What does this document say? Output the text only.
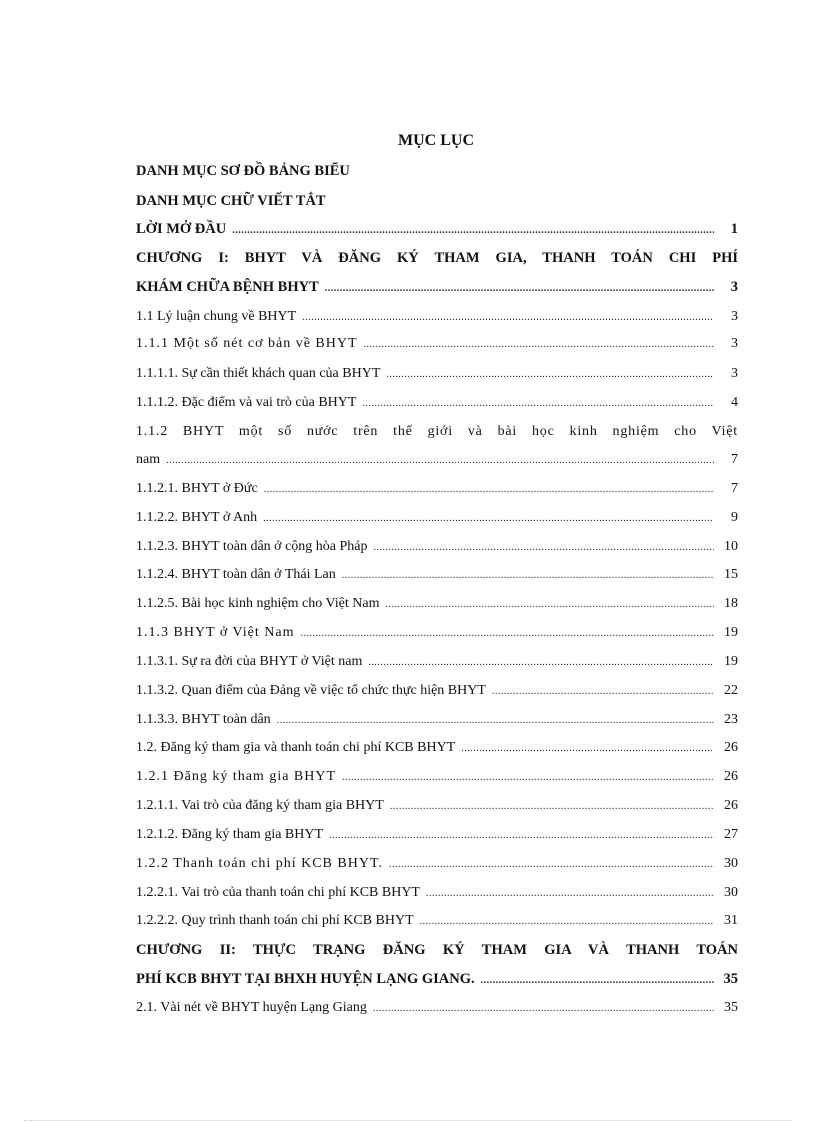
MỤC LỤC
DANH MỤC SƠ ĐỒ BẢNG BIỂU
DANH MỤC CHỮ VIẾT TẮT
LỜI MỞ ĐẦU .....	1
CHƯƠNG I: BHYT VÀ ĐĂNG KÝ THAM GIA, THANH TOÁN CHI PHÍ
KHÁM CHỮA BỆNH BHYT .....	3
1.1 Lý luận chung về BHYT .....	3
1.1.1 Một số nét cơ bản về BHYT .....	3
1.1.1.1. Sự cần thiết khách quan của BHYT .....	3
1.1.1.2. Đặc điểm và vai trò của BHYT .....	4
1.1.2 BHYT một số nước trên thế giới và bài học kinh nghiệm cho Việt
nam .....	7
1.1.2.1. BHYT ở Đức .....	7
1.1.2.2. BHYT ở Anh .....	9
1.1.2.3. BHYT toàn dân ở cộng hòa Pháp .....	10
1.1.2.4. BHYT toàn dân ở Thái Lan .....	15
1.1.2.5. Bài học kinh nghiệm cho Việt Nam .....	18
1.1.3 BHYT ở Việt Nam .....	19
1.1.3.1. Sự ra đời của BHYT ở Việt nam .....	19
1.1.3.2. Quan điểm của Đảng về việc tổ chức thực hiện BHYT .....	22
1.1.3.3. BHYT toàn dân .....	23
1.2. Đăng ký tham gia và thanh toán chi phí KCB BHYT .....	26
1.2.1 Đăng ký tham gia BHYT .....	26
1.2.1.1. Vai trò của đăng ký tham gia BHYT .....	26
1.2.1.2. Đăng ký tham gia BHYT .....	27
1.2.2 Thanh toán chi phí KCB BHYT. .....	30
1.2.2.1. Vai trò của thanh toán chi phí KCB BHYT .....	30
1.2.2.2. Quy trình thanh toán chi phí KCB BHYT .....	31
CHƯƠNG II: THỰC TRẠNG ĐĂNG KÝ THAM GIA VÀ THANH TOÁN
PHÍ KCB BHYT TẠI BHXH HUYỆN LẠNG GIANG. .....	35
2.1. Vài nét về BHYT huyện Lạng Giang .....	35
